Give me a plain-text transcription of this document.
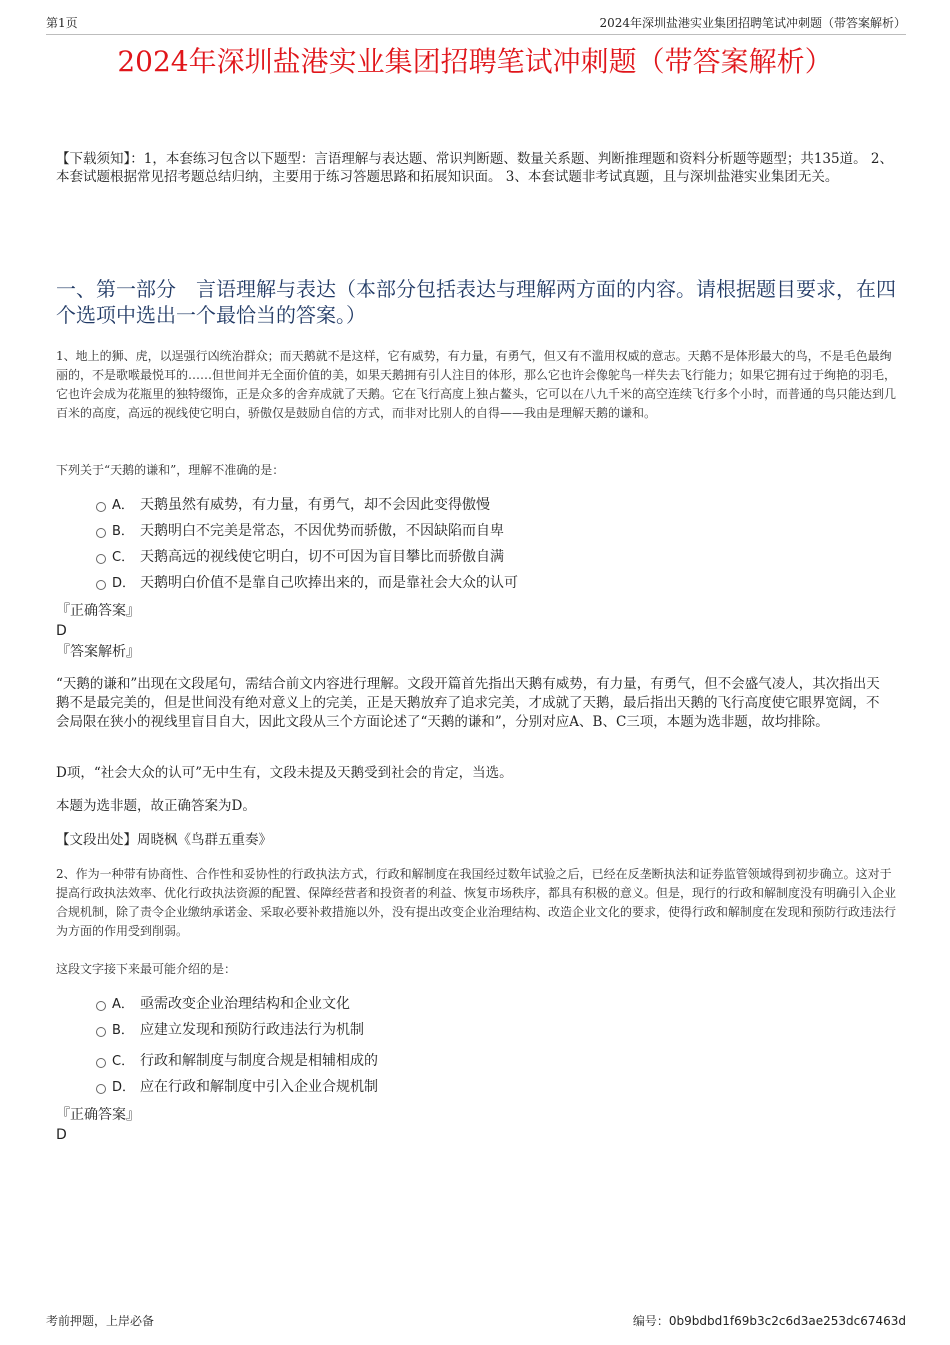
第1页	2024年深圳盐港实业集团招聘笔试冲刺题（带答案解析）
2024年深圳盐港实业集团招聘笔试冲刺题（带答案解析）

【下载须知】：1，本套练习包含以下题型：言语理解与表达题、常识判断题、数量关系题、判断推理题和资料分析题等题型；共135道。 2、本套试题根据常见招考题总结归纳，主要用于练习答题思路和拓展知识面。 3、本套试题非考试真题，且与深圳盐港实业集团无关。

一、第一部分　言语理解与表达（本部分包括表达与理解两方面的内容。请根据题目要求，在四个选项中选出一个最恰当的答案。）

1、地上的狮、虎，以逞强行凶统治群众；而天鹅就不是这样，它有威势，有力量，有勇气，但又有不滥用权威的意志。天鹅不是体形最大的鸟，不是毛色最绚丽的，不是歌喉最悦耳的……但世间并无全面价值的美，如果天鹅拥有引人注目的体形，那么它也许会像鸵鸟一样失去飞行能力；如果它拥有过于绚艳的羽毛，它也许会成为花瓶里的独特缀饰，正是众多的舍弃成就了天鹅。它在飞行高度上独占鳌头，它可以在八九千米的高空连续飞行多个小时，而普通的鸟只能达到几百米的高度，高远的视线使它明白，骄傲仅是鼓励自信的方式，而非对比别人的自得——我由是理解天鹅的谦和。

下列关于“天鹅的谦和”，理解不准确的是：

A． 天鹅虽然有威势，有力量，有勇气，却不会因此变得傲慢
B． 天鹅明白不完美是常态，不因优势而骄傲，不因缺陷而自卑
C． 天鹅高远的视线使它明白，切不可因为盲目攀比而骄傲自满
D． 天鹅明白价值不是靠自己吹捧出来的，而是靠社会大众的认可
『正确答案』
D
『答案解析』

“天鹅的谦和”出现在文段尾句，需结合前文内容进行理解。文段开篇首先指出天鹅有威势，有力量，有勇气，但不会盛气凌人，其次指出天鹅不是最完美的，但是世间没有绝对意义上的完美，正是天鹅放弃了追求完美，才成就了天鹅，最后指出天鹅的飞行高度使它眼界宽阔，不会局限在狭小的视线里盲目自大，因此文段从三个方面论述了“天鹅的谦和”，分别对应A、B、C三项，本题为选非题，故均排除。

D项，“社会大众的认可”无中生有，文段未提及天鹅受到社会的肯定，当选。

本题为选非题，故正确答案为D。

【文段出处】周晓枫《鸟群五重奏》

2、作为一种带有协商性、合作性和妥协性的行政执法方式，行政和解制度在我国经过数年试验之后，已经在反垄断执法和证券监管领域得到初步确立。这对于提高行政执法效率、优化行政执法资源的配置、保障经营者和投资者的利益、恢复市场秩序，都具有积极的意义。但是，现行的行政和解制度没有明确引入企业合规机制，除了责令企业缴纳承诺金、采取必要补救措施以外，没有提出改变企业治理结构、改造企业文化的要求，使得行政和解制度在发现和预防行政违法行为方面的作用受到削弱。

这段文字接下来最可能介绍的是：

A． 亟需改变企业治理结构和企业文化
B． 应建立发现和预防行政违法行为机制
C． 行政和解制度与制度合规是相辅相成的
D． 应在行政和解制度中引入企业合规机制
『正确答案』
D
考前押题，上岸必备	编号：0b9bdbd1f69b3c2c6d3ae253dc67463d
